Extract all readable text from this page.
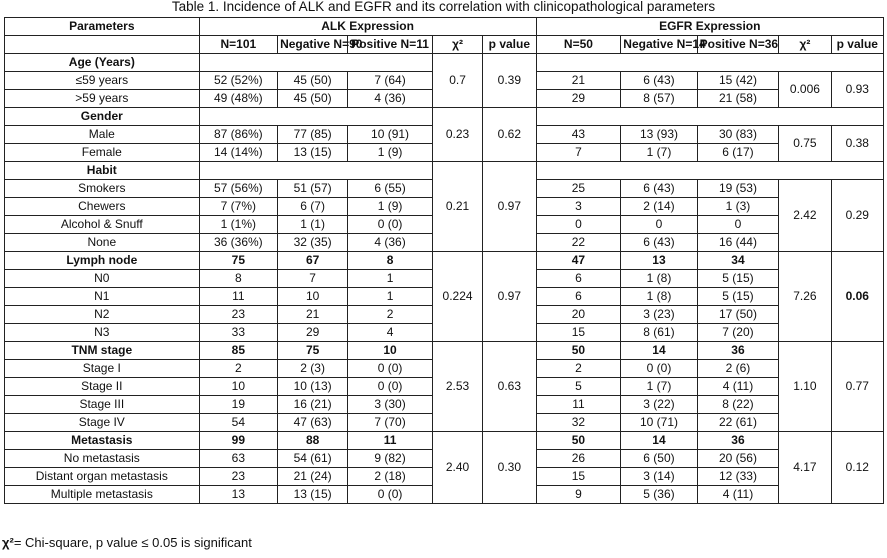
Table 1. Incidence of ALK and EGFR and its correlation with clinicopathological parameters
Parameters	ALK Expression					EGFR Expression				
	N=101	Negative N=90	Positive N=11	χ²	p value	N=50	Negative N=14	Positive N=36	χ²	p value
Age (Years)				0.7	0.39					
≤59 years	52 (52%)	45 (50)	7 (64)			21	6 (43)	15 (42)	0.006	0.93
>59 years	49 (48%)	45 (50)	4 (36)			29	8 (57)	21 (58)		
Gender				0.23	0.62					
Male	87 (86%)	77 (85)	10 (91)			43	13 (93)	30 (83)	0.75	0.38
Female	14 (14%)	13 (15)	1 (9)			7	1 (7)	6 (17)		
Habit				0.21	0.97					
Smokers	57 (56%)	51 (57)	6 (55)			25	6 (43)	19 (53)	2.42	0.29
Chewers	7 (7%)	6 (7)	1 (9)			3	2 (14)	1 (3)		
Alcohol & Snuff	1 (1%)	1 (1)	0 (0)			0	0	0		
None	36 (36%)	32 (35)	4 (36)			22	6 (43)	16 (44)		
Lymph node	75	67	8	0.224	0.97	47	13	34	7.26	0.06
N0	8	7	1			6	1 (8)	5 (15)		
N1	11	10	1			6	1 (8)	5 (15)		
N2	23	21	2			20	3 (23)	17 (50)		
N3	33	29	4			15	8 (61)	7 (20)		
TNM stage	85	75	10	2.53	0.63	50	14	36	1.10	0.77
Stage I	2	2 (3)	0 (0)			2	0 (0)	2 (6)		
Stage II	10	10 (13)	0 (0)			5	1 (7)	4 (11)		
Stage III	19	16 (21)	3 (30)			11	3 (22)	8 (22)		
Stage IV	54	47 (63)	7 (70)			32	10 (71)	22 (61)		
Metastasis	99	88	11	2.40	0.30	50	14	36	4.17	0.12
No metastasis	63	54 (61)	9 (82)			26	6 (50)	20 (56)		
Distant organ metastasis	23	21 (24)	2 (18)			15	3 (14)	12 (33)		
Multiple metastasis	13	13 (15)	0 (0)			9	5 (36)	4 (11)		
χ²= Chi-square, p value ≤ 0.05 is significant
